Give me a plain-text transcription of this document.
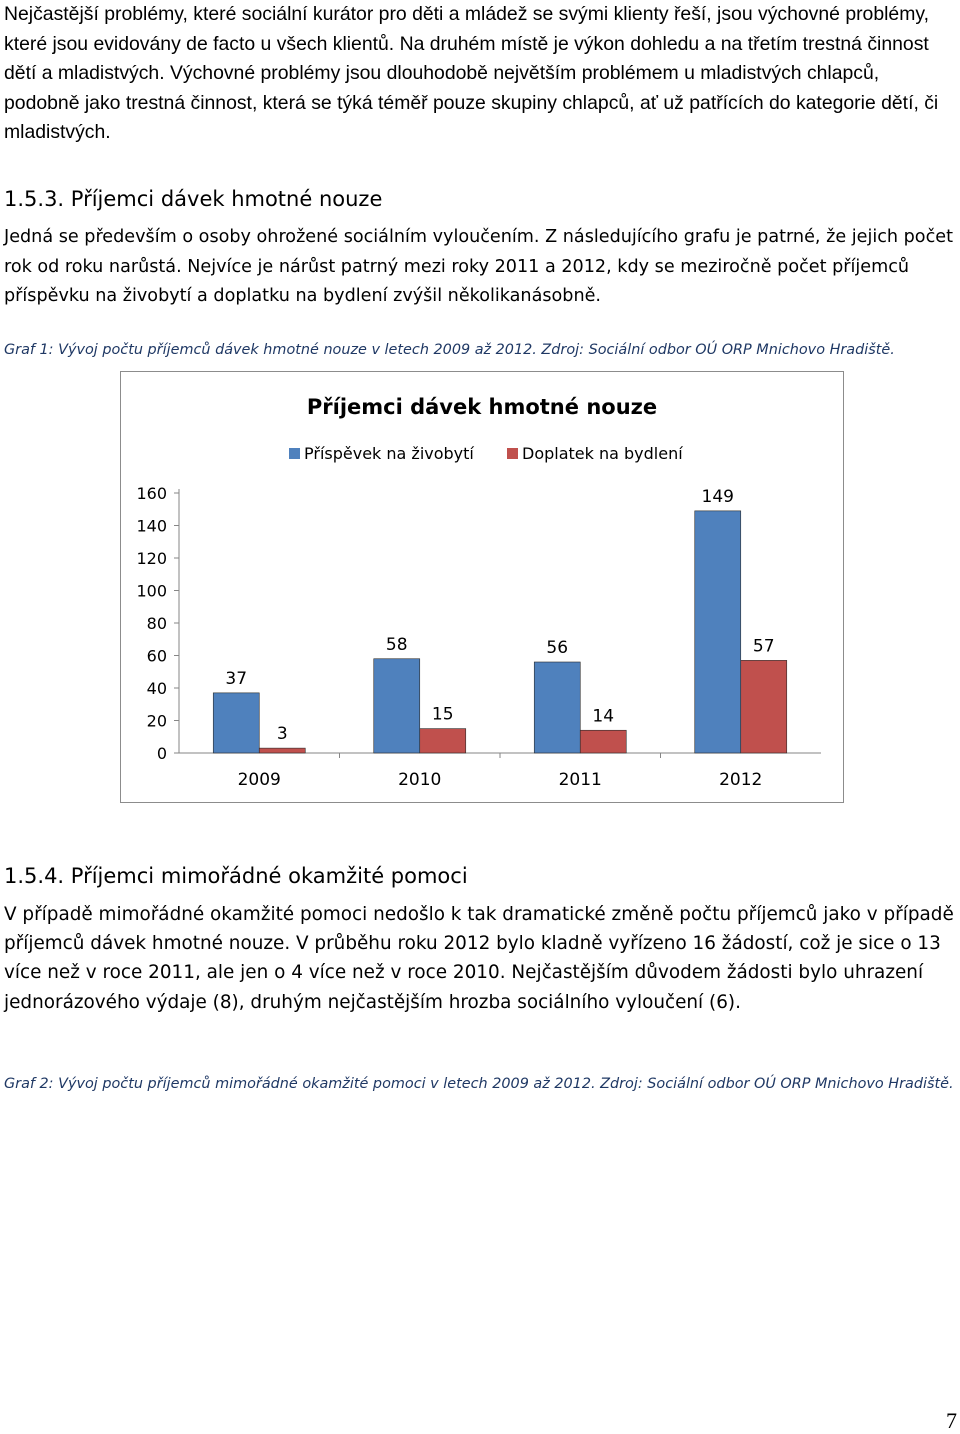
Nejčastější problémy, které sociální kurátor pro děti a mládež se svými klienty řeší, jsou výchovné problémy, které jsou evidovány de facto u všech klientů. Na druhém místě je výkon dohledu a na třetím trestná činnost dětí a mladistvých. Výchovné problémy jsou dlouhodobě největším problémem u mladistvých chlapců, podobně jako trestná činnost, která se týká téměř pouze skupiny chlapců, ať už patřících do kategorie dětí, či mladistvých.

1.5.3. Příjemci dávek hmotné nouze

Jedná se především o osoby ohrožené sociálním vyloučením. Z následujícího grafu je patrné, že jejich počet rok od roku narůstá. Nejvíce je nárůst patrný mezi roky 2011 a 2012, kdy se meziročně počet příjemců příspěvku na živobytí a doplatku na bydlení zvýšil několikanásobně.

Graf 1: Vývoj počtu příjemců dávek hmotné nouze v letech 2009 až 2012. Zdroj: Sociální odbor OÚ ORP Mnichovo Hradiště.

Příjemci dávek hmotné nouze
Příspěvek na živobytí	Doplatek na bydlení
0
20
40
60
80
100
120
140
160
37
3
2009
58
15
2010
56
14
2011
149
57
2012
1.5.4. Příjemci mimořádné okamžité pomoci

V případě mimořádné okamžité pomoci nedošlo k tak dramatické změně počtu příjemců jako v případě příjemců dávek hmotné nouze. V průběhu roku 2012 bylo kladně vyřízeno 16 žádostí, což je sice o 13 více než v roce 2011, ale jen o 4 více než v roce 2010. Nejčastějším důvodem žádosti bylo uhrazení jednorázového výdaje (8), druhým nejčastějším hrozba sociálního vyloučení (6).

Graf 2: Vývoj počtu příjemců mimořádné okamžité pomoci v letech 2009 až 2012. Zdroj: Sociální odbor OÚ ORP Mnichovo Hradiště.

7
